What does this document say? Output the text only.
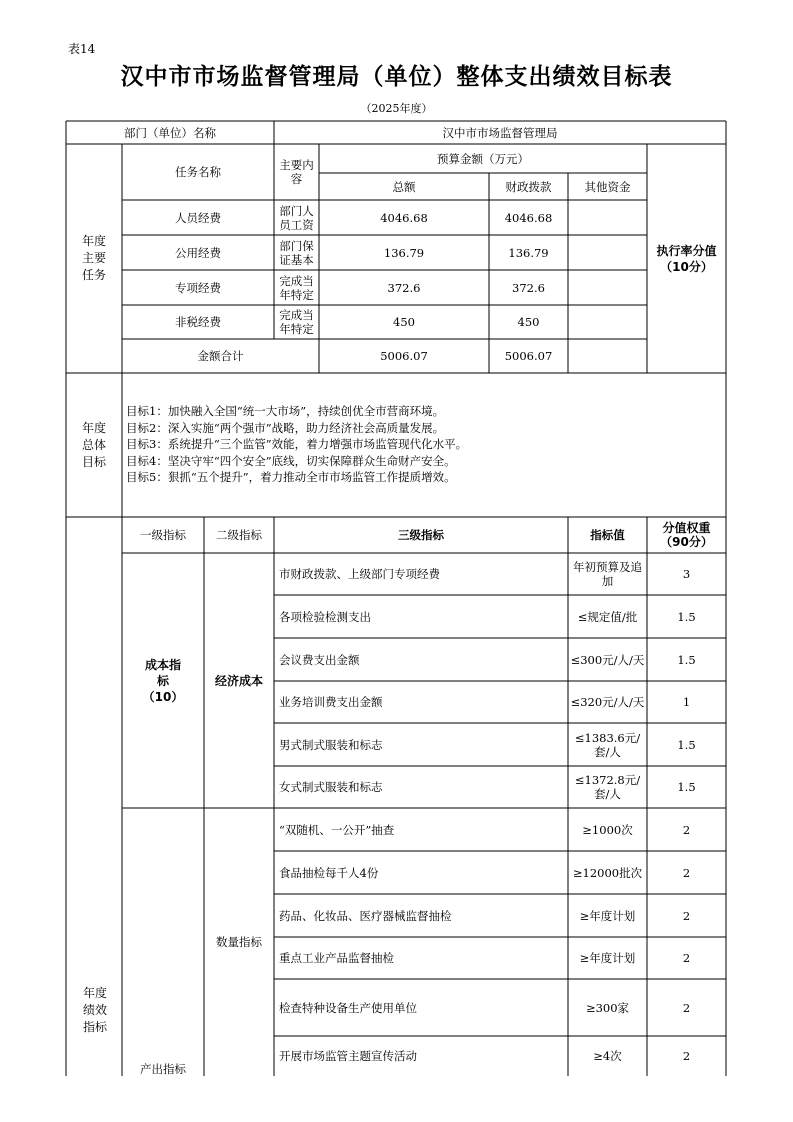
表14
汉中市市场监督管理局（单位）整体支出绩效目标表
（2025年度）
部门（单位）名称	汉中市市场监督管理局
年度主要任务
任务名称	主要内容
预算金额（万元）
总额	财政拨款	其他资金
执行率分值（10分）
人员经费	部门人员工资	4046.68	4046.68
公用经费	部门保证基本	136.79	136.79
专项经费	完成当年特定	372.6	372.6
非税经费	完成当年特定	450	450
金额合计	5006.07	5006.07
年度总体目标
目标1：加快融入全国“统一大市场”，持续创优全市营商环境。
目标2：深入实施“两个强市”战略，助力经济社会高质量发展。
目标3：系统提升“三个监管”效能，着力增强市场监管现代化水平。
目标4：坚决守牢“四个安全”底线，切实保障群众生命财产安全。
目标5：狠抓“五个提升”，着力推动全市市场监管工作提质增效。
年度绩效指标
一级指标	二级指标	三级指标	指标值	分值权重（90分）
成本指标（10）
经济成本
市财政拨款、上级部门专项经费	年初预算及追加	3
各项检验检测支出	≤规定值/批	1.5
会议费支出金额	≤300元/人/天	1.5
业务培训费支出金额	≤320元/人/天	1
男式制式服装和标志	≤1383.6元/套/人	1.5
女式制式服装和标志	≤1372.8元/套/人	1.5
产出指标
数量指标
“双随机、一公开”抽查	≥1000次	2
食品抽检每千人4份	≥12000批次	2
药品、化妆品、医疗器械监督抽检	≥年度计划	2
重点工业产品监督抽检	≥年度计划	2
检查特种设备生产使用单位	≥300家	2
开展市场监管主题宣传活动	≥4次	2
